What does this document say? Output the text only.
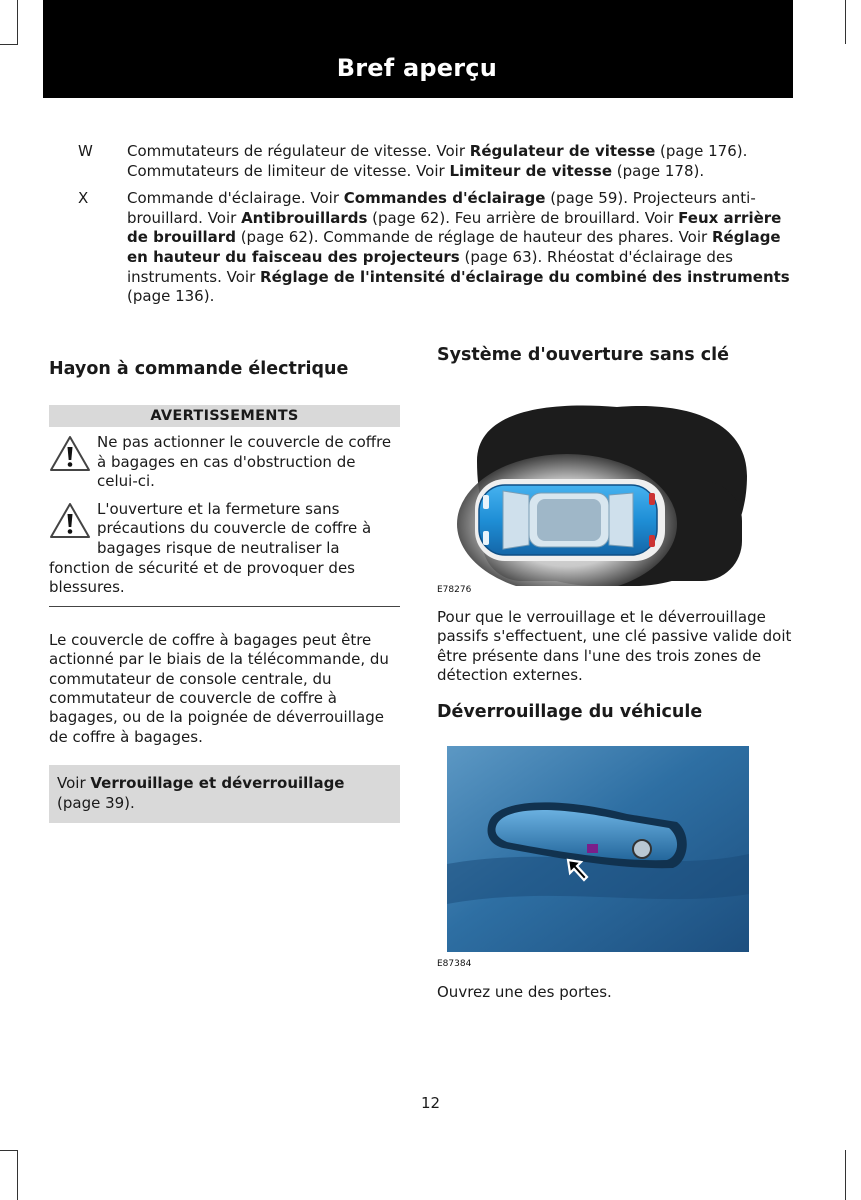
Bref aperçu
W	Commutateurs de régulateur de vitesse. Voir Régulateur de vitesse (page 176). Commutateurs de limiteur de vitesse. Voir Limiteur de vitesse (page 178).
X	Commande d'éclairage. Voir Commandes d'éclairage (page 59). Projecteurs anti-brouillard. Voir Antibrouillards (page 62). Feu arrière de brouillard. Voir Feux arrière de brouillard (page 62). Commande de réglage de hauteur des phares. Voir Réglage en hauteur du faisceau des projecteurs (page 63). Rhéostat d'éclairage des instruments. Voir Réglage de l'intensité d'éclairage du combiné des instruments (page 136).
Hayon à commande électrique
AVERTISSEMENTS
Ne pas actionner le couvercle de coffre à bagages en cas d'obstruction de celui-ci.
L'ouverture et la fermeture sans précautions du couvercle de coffre à bagages risque de neutraliser la fonction de sécurité et de provoquer des blessures.
Le couvercle de coffre à bagages peut être actionné par le biais de la télécommande, du commutateur de console centrale, du commutateur de couvercle de coffre à bagages, ou de la poignée de déverrouillage de coffre à bagages.
Voir Verrouillage et déverrouillage (page 39).
Système d'ouverture sans clé
E78276
Pour que le verrouillage et le déverrouillage passifs s'effectuent, une clé passive valide doit être présente dans l'une des trois zones de détection externes.
Déverrouillage du véhicule
E87384
Ouvrez une des portes.
12
